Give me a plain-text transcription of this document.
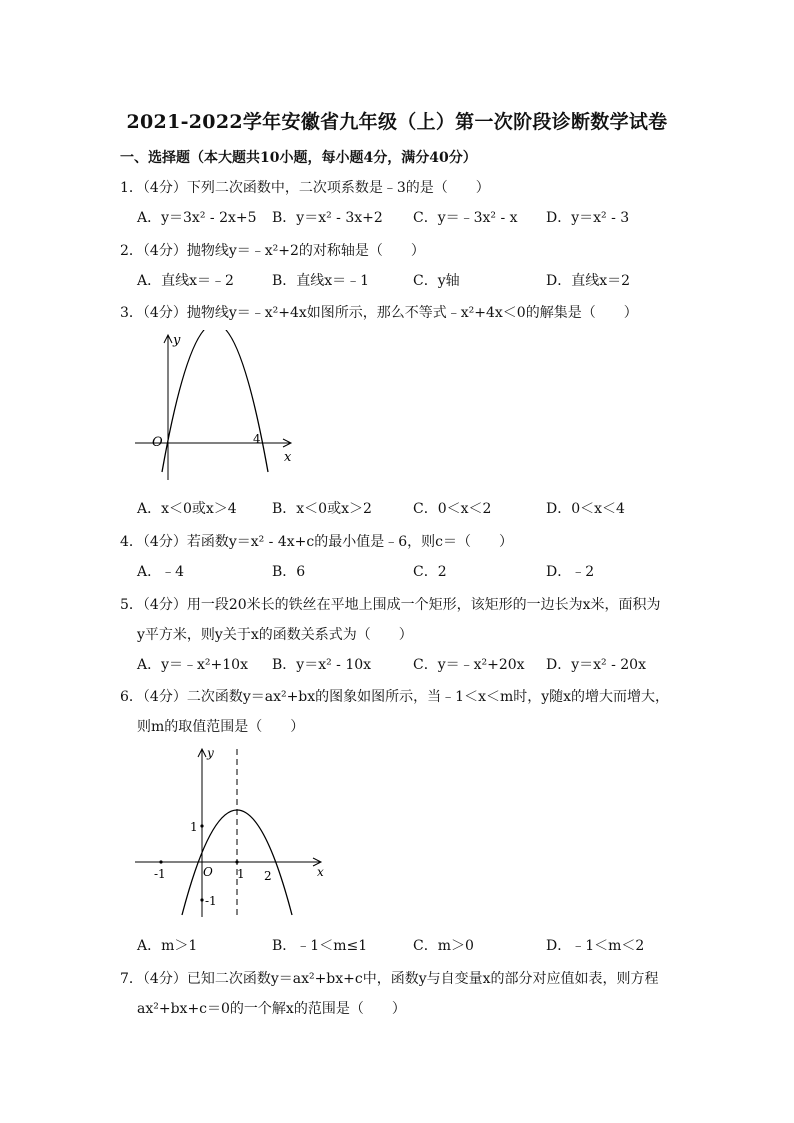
2021-2022学年安徽省九年级（上）第一次阶段诊断数学试卷
一、选择题（本大题共10小题，每小题4分，满分40分）
1．（4分）下列二次函数中，二次项系数是﹣3的是（　　）
A．y＝3x² - 2x+5 B．y＝x² - 3x+2 C．y＝﹣3x² - x D．y＝x² - 3
2．（4分）抛物线y＝﹣x²+2的对称轴是（　　）
A．直线x＝﹣2	B．直线x＝﹣1	C．y轴	D．直线x＝2
3．（4分）抛物线y＝﹣x²+4x如图所示，那么不等式﹣x²+4x＜0的解集是（　　）
y
x
O	4
A．x＜0或x＞4	B．x＜0或x＞2	C．0＜x＜2	D．0＜x＜4
4．（4分）若函数y＝x² - 4x+c的最小值是﹣6，则c＝（　　）
A．﹣4	B．6	C．2	D．﹣2
5．（4分）用一段20米长的铁丝在平地上围成一个矩形，该矩形的一边长为x米，面积为
y平方米，则y关于x的函数关系式为（　　）
A．y＝﹣x²+10x B．y＝x² - 10x	C．y＝﹣x²+20x D．y＝x² - 20x
6．（4分）二次函数y＝ax²+bx的图象如图所示，当﹣1＜x＜m时，y随x的增大而增大，
则m的取值范围是（　　）
y
x
O
1
-1
-1	1 2
A．m＞1	B．﹣1＜m≤1	C．m＞0	D．﹣1＜m＜2
7．（4分）已知二次函数y＝ax²+bx+c中，函数y与自变量x的部分对应值如表，则方程
ax²+bx+c＝0的一个解x的范围是（　　）
